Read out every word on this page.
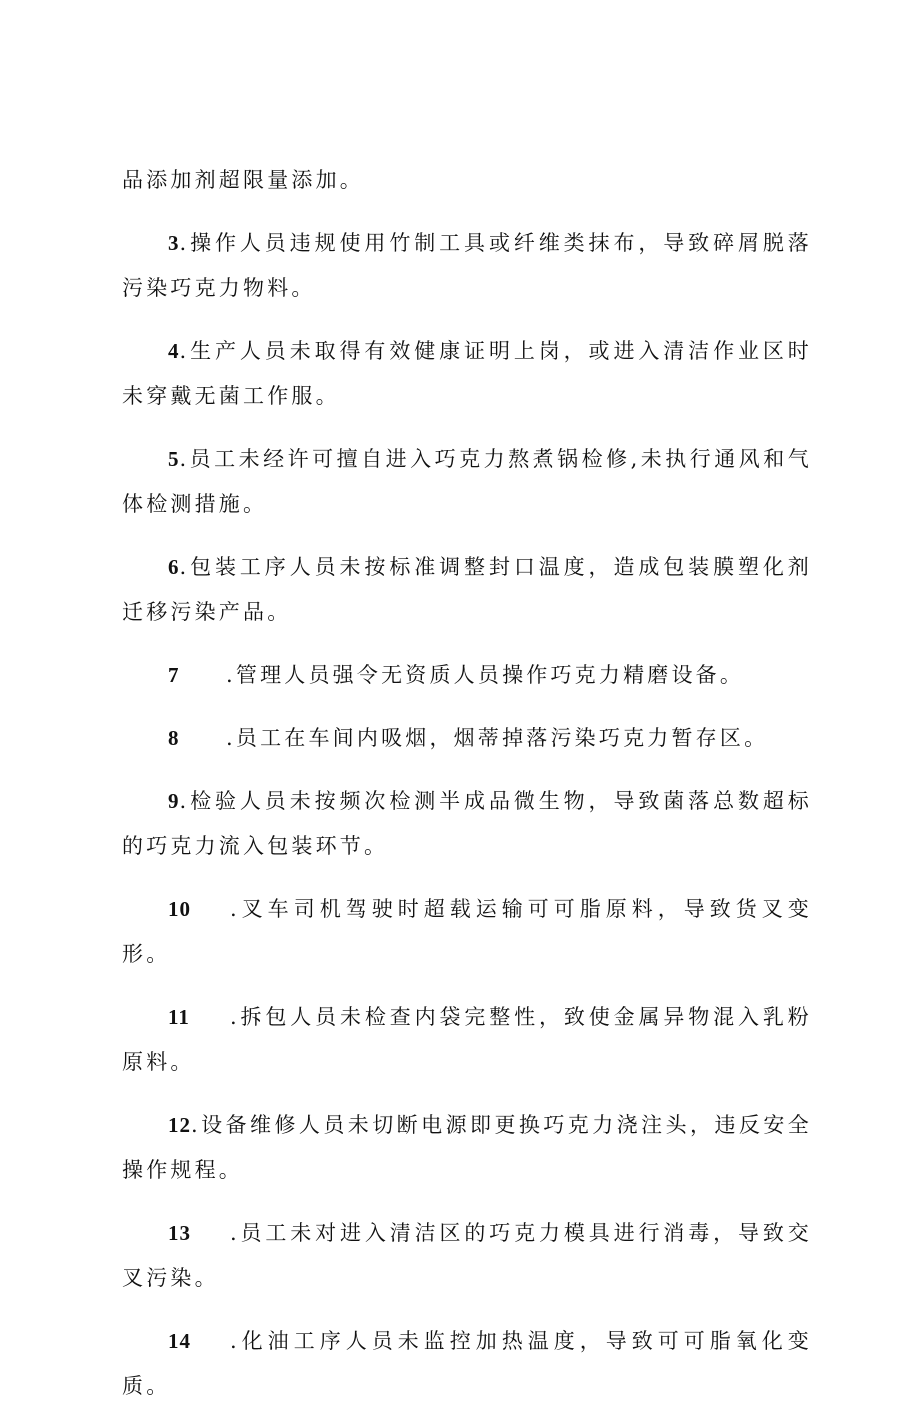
品添加剂超限量添加。

3.操作人员违规使用竹制工具或纤维类抹布，导致碎屑脱落污染巧克力物料。

4.生产人员未取得有效健康证明上岗，或进入清洁作业区时未穿戴无菌工作服。

5.员工未经许可擅自进入巧克力熬煮锅检修,未执行通风和气体检测措施。

6.包装工序人员未按标准调整封口温度，造成包装膜塑化剂迁移污染产品。

7 .管理人员强令无资质人员操作巧克力精磨设备。

8 .员工在车间内吸烟，烟蒂掉落污染巧克力暂存区。

9.检验人员未按频次检测半成品微生物，导致菌落总数超标的巧克力流入包装环节。

10 .叉车司机驾驶时超载运输可可脂原料，导致货叉变形。

11 .拆包人员未检查内袋完整性，致使金属异物混入乳粉原料。

12.设备维修人员未切断电源即更换巧克力浇注头，违反安全操作规程。

13 .员工未对进入清洁区的巧克力模具进行消毒，导致交叉污染。

14 .化油工序人员未监控加热温度，导致可可脂氧化变质。
